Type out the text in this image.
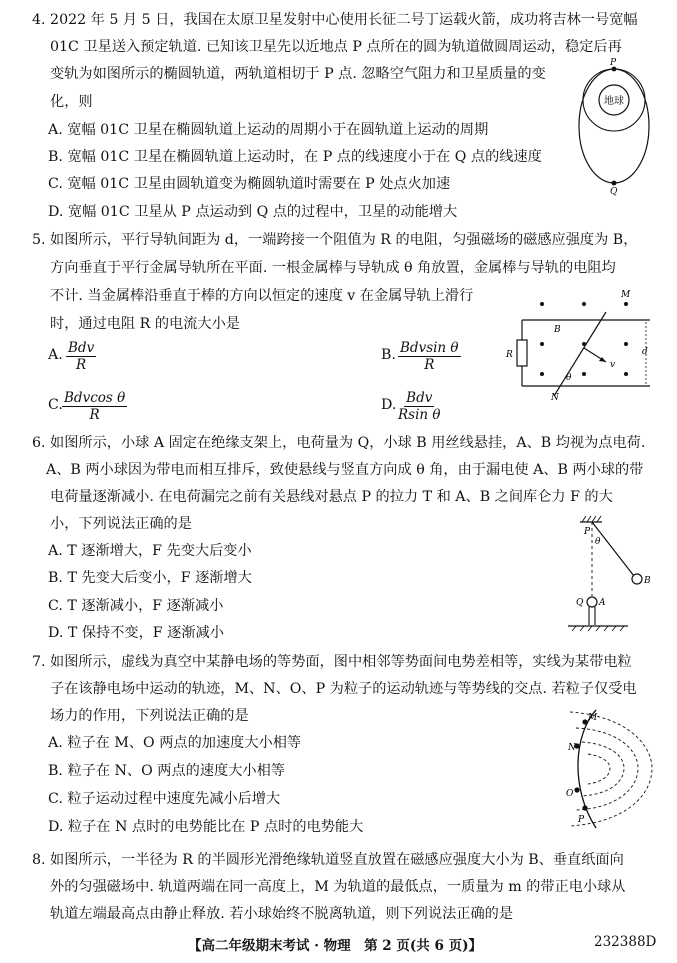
4. 2022 年 5 月 5 日，我国在太原卫星发射中心使用长征二号丁运载火箭，成功将吉林一号宽幅
01C 卫星送入预定轨道. 已知该卫星先以近地点 P 点所在的圆为轨道做圆周运动，稳定后再
变轨为如图所示的椭圆轨道，两轨道相切于 P 点. 忽略空气阻力和卫星质量的变
化，则
A. 宽幅 01C 卫星在椭圆轨道上运动的周期小于在圆轨道上运动的周期
B. 宽幅 01C 卫星在椭圆轨道上运动时，在 P 点的线速度小于在 Q 点的线速度
C. 宽幅 01C 卫星由圆轨道变为椭圆轨道时需要在 P 处点火加速
D. 宽幅 01C 卫星从 P 点运动到 Q 点的过程中，卫星的动能增大
地球
P
Q
5. 如图所示，平行导轨间距为 d，一端跨接一个阻值为 R 的电阻，匀强磁场的磁感应强度为 B，
方向垂直于平行金属导轨所在平面. 一根金属棒与导轨成 θ 角放置，金属棒与导轨的电阻均
不计. 当金属棒沿垂直于棒的方向以恒定的速度 v 在金属导轨上滑行
时，通过电阻 R 的电流大小是
A. Bdv
R
B. Bdvsin θ
R
C. Bdvcos θ
R
D. Bdv
Rsin θ
M
R
B
θ
v
d
N
6. 如图所示，小球 A 固定在绝缘支架上，电荷量为 Q，小球 B 用丝线悬挂，A、B 均视为点电荷.
A、B 两小球因为带电而相互排斥，致使悬线与竖直方向成 θ 角，由于漏电使 A、B 两小球的带
电荷量逐渐减小. 在电荷漏完之前有关悬线对悬点 P 的拉力 T 和 A、B 之间库仑力 F 的大
小，下列说法正确的是
A. T 逐渐增大，F 先变大后变小
B. T 先变大后变小，F 逐渐增大
C. T 逐渐减小，F 逐渐减小
D. T 保持不变，F 逐渐减小
P
θ
B
Q A
7. 如图所示，虚线为真空中某静电场的等势面，图中相邻等势面间电势差相等，实线为某带电粒
子在该静电场中运动的轨迹，M、N、O、P 为粒子的运动轨迹与等势线的交点. 若粒子仅受电
场力的作用，下列说法正确的是
A. 粒子在 M、O 两点的加速度大小相等
B. 粒子在 N、O 两点的速度大小相等
C. 粒子运动过程中速度先减小后增大
D. 粒子在 N 点时的电势能比在 P 点时的电势能大
M
N
O
P
8. 如图所示，一半径为 R 的半圆形光滑绝缘轨道竖直放置在磁感应强度大小为 B、垂直纸面向
外的匀强磁场中. 轨道两端在同一高度上，M 为轨道的最低点，一质量为 m 的带正电小球从
轨道左端最高点由静止释放. 若小球始终不脱离轨道，则下列说法正确的是
【高二年级期末考试 · 物理　第 2 页(共 6 页)】	232388D
